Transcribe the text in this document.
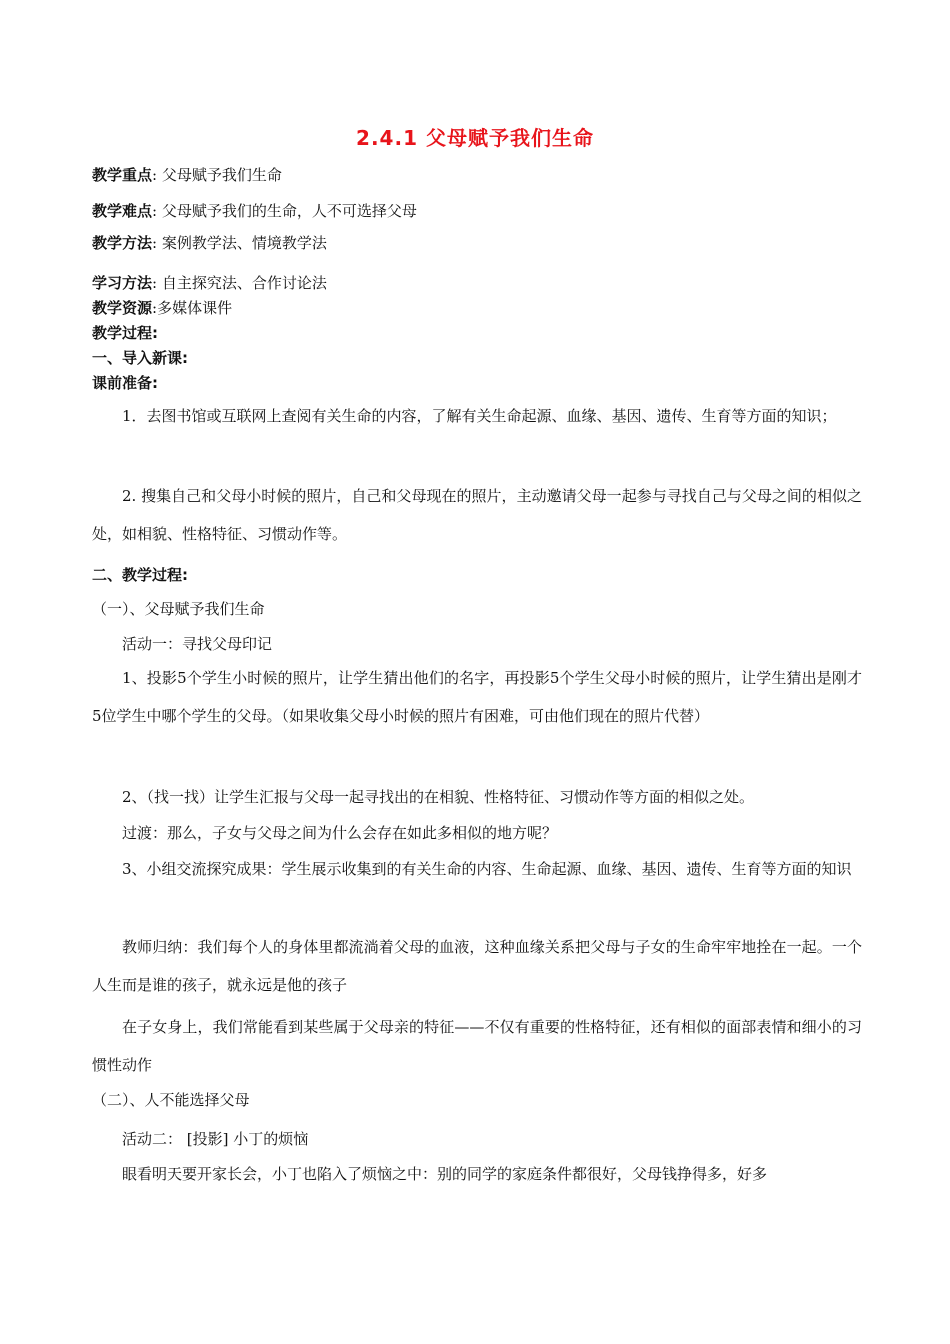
2.4.1 父母赋予我们生命
教学重点: 父母赋予我们生命
教学难点: 父母赋予我们的生命，人不可选择父母
教学方法: 案例教学法、情境教学法
学习方法: 自主探究法、合作讨论法
教学资源:多媒体课件
教学过程:
一、导入新课:
课前准备:
1．去图书馆或互联网上查阅有关生命的内容，了解有关生命起源、血缘、基因、遗传、生育等方面的知识；
2. 搜集自己和父母小时候的照片，自己和父母现在的照片，主动邀请父母一起参与寻找自己与父母之间的相似之处，如相貌、性格特征、习惯动作等。
二、教学过程:
（一）、父母赋予我们生命
活动一：寻找父母印记
1、投影5个学生小时候的照片，让学生猜出他们的名字，再投影5个学生父母小时候的照片，让学生猜出是刚才5位学生中哪个学生的父母。（如果收集父母小时候的照片有困难，可由他们现在的照片代替）
2、（找一找）让学生汇报与父母一起寻找出的在相貌、性格特征、习惯动作等方面的相似之处。
过渡：那么，子女与父母之间为什么会存在如此多相似的地方呢？
3、小组交流探究成果：学生展示收集到的有关生命的内容、生命起源、血缘、基因、遗传、生育等方面的知识
教师归纳：我们每个人的身体里都流淌着父母的血液，这种血缘关系把父母与子女的生命牢牢地拴在一起。一个人生而是谁的孩子，就永远是他的孩子
在子女身上，我们常能看到某些属于父母亲的特征——不仅有重要的性格特征，还有相似的面部表情和细小的习惯性动作
（二）、人不能选择父母
活动二： [投影] 小丁的烦恼
眼看明天要开家长会，小丁也陷入了烦恼之中：别的同学的家庭条件都很好，父母钱挣得多，好多
